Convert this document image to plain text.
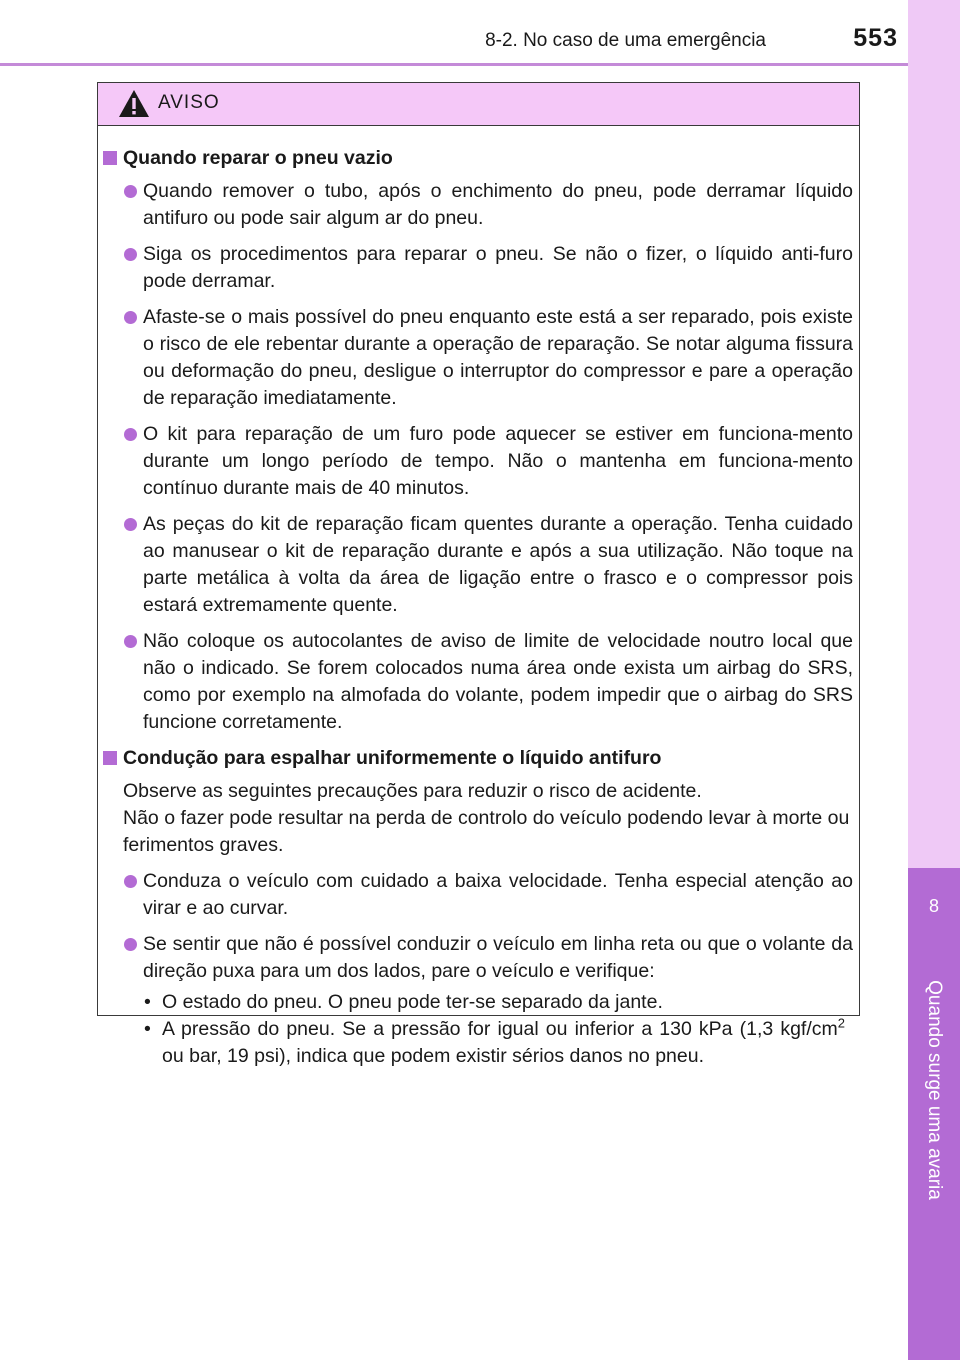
8-2. No caso de uma emergência	553
8
Quando surge uma avaria
AVISO
Quando reparar o pneu vazio
Quando remover o tubo, após o enchimento do pneu, pode derramar líquido antifuro ou pode sair algum ar do pneu.
Siga os procedimentos para reparar o pneu. Se não o fizer, o líquido anti-furo pode derramar.
Afaste-se o mais possível do pneu enquanto este está a ser reparado, pois existe o risco de ele rebentar durante a operação de reparação. Se notar alguma fissura ou deformação do pneu, desligue o interruptor do compressor e pare a operação de reparação imediatamente.
O kit para reparação de um furo pode aquecer se estiver em funciona-mento durante um longo período de tempo. Não o mantenha em funciona-mento contínuo durante mais de 40 minutos.
As peças do kit de reparação ficam quentes durante a operação. Tenha cuidado ao manusear o kit de reparação durante e após a sua utilização. Não toque na parte metálica à volta da área de ligação entre o frasco e o compressor pois estará extremamente quente.
Não coloque os autocolantes de aviso de limite de velocidade noutro local que não o indicado. Se forem colocados numa área onde exista um airbag do SRS, como por exemplo na almofada do volante, podem impedir que o airbag do SRS funcione corretamente.
Condução para espalhar uniformemente o líquido antifuro
Observe as seguintes precauções para reduzir o risco de acidente.
Não o fazer pode resultar na perda de controlo do veículo podendo levar à morte ou ferimentos graves.
Conduza o veículo com cuidado a baixa velocidade. Tenha especial atenção ao virar e ao curvar.
Se sentir que não é possível conduzir o veículo em linha reta ou que o volante da direção puxa para um dos lados, pare o veículo e verifique:
• O estado do pneu. O pneu pode ter-se separado da jante.
• A pressão do pneu. Se a pressão for igual ou inferior a 130 kPa (1,3 kgf/$cm^2$ ou bar, 19 psi), indica que podem existir sérios danos no pneu.
